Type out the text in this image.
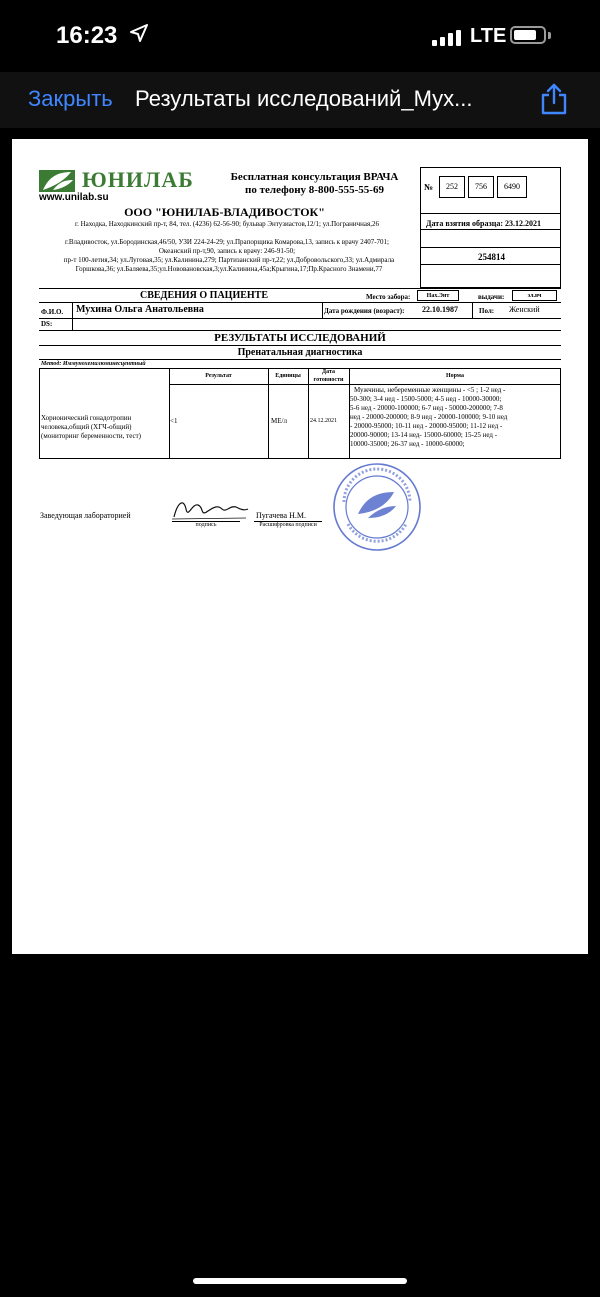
16:23	LTE
Закрыть Результаты исследований_Мух...
ЮНИЛАБ
www.unilab.su
Бесплатная консультация ВРАЧА
по телефону 8-800-555-55-69
ООО "ЮНИЛАБ-ВЛАДИВОСТОК"
г. Находка, Находкинский пр-т, 84, тел. (4236) 62-56-90; бульвар Энтузиастов,12/1; ул.Пограничная,26
г.Владивосток, ул.Бородинская,46/50, УЗИ 224-24-29; ул.Прапорщика Комарова,13, запись к врачу 2407-701;
Океанский пр-т,90, запись к врачу: 246-91-50;
пр-т 100-летия,34; ул.Луговая,35; ул.Калинина,279; Партизанский пр-т,22; ул.Добровольского,33; ул.Адмирала
Горшкова,36; ул.Баляева,35;ул.Нововановская,3;ул.Калинина,45а;Крыгина,17;Пр.Красного Знамени,77
№	252	756	6490
Дата взятия образца: 23.12.2021
254814
СВЕДЕНИЯ О ПАЦИЕНТЕ	Место забора:	Нах.Энт	выдачи:	эл.вч
Ф.И.О. Мухина Ольга Анатольевна	Дата рождения (возраст): 22.10.1987	Пол: Женский
DS:
РЕЗУЛЬТАТЫ ИССЛЕДОВАНИЙ
Пренатальная диагностика
Метод: Иммунохемилюминесцентный
Результат	Единицы
Дата
готовности
Норма
Хорионический гонадотропин
человека,общий (ХГЧ-общий)
(мониторинг беременности, тест)
<1	МЕ/л	24.12.2021
Мужчины, небеременные женщины - <5 ; 1-2 нед -
50-300; 3-4 нед - 1500-5000; 4-5 нед - 10000-30000;
5-6 нед - 20000-100000; 6-7 нед - 50000-200000; 7-8
нед - 20000-200000; 8-9 нед - 20000-100000; 9-10 нед
- 20000-95000; 10-11 нед - 20000-95000; 11-12 нед -
20000-90000; 13-14 нед- 15000-60000; 15-25 нед -
10000-35000; 26-37 нед - 10000-60000;
Заведующая лабораторией
подпись
Пугачева Н.М.
Расшифровка подписи
